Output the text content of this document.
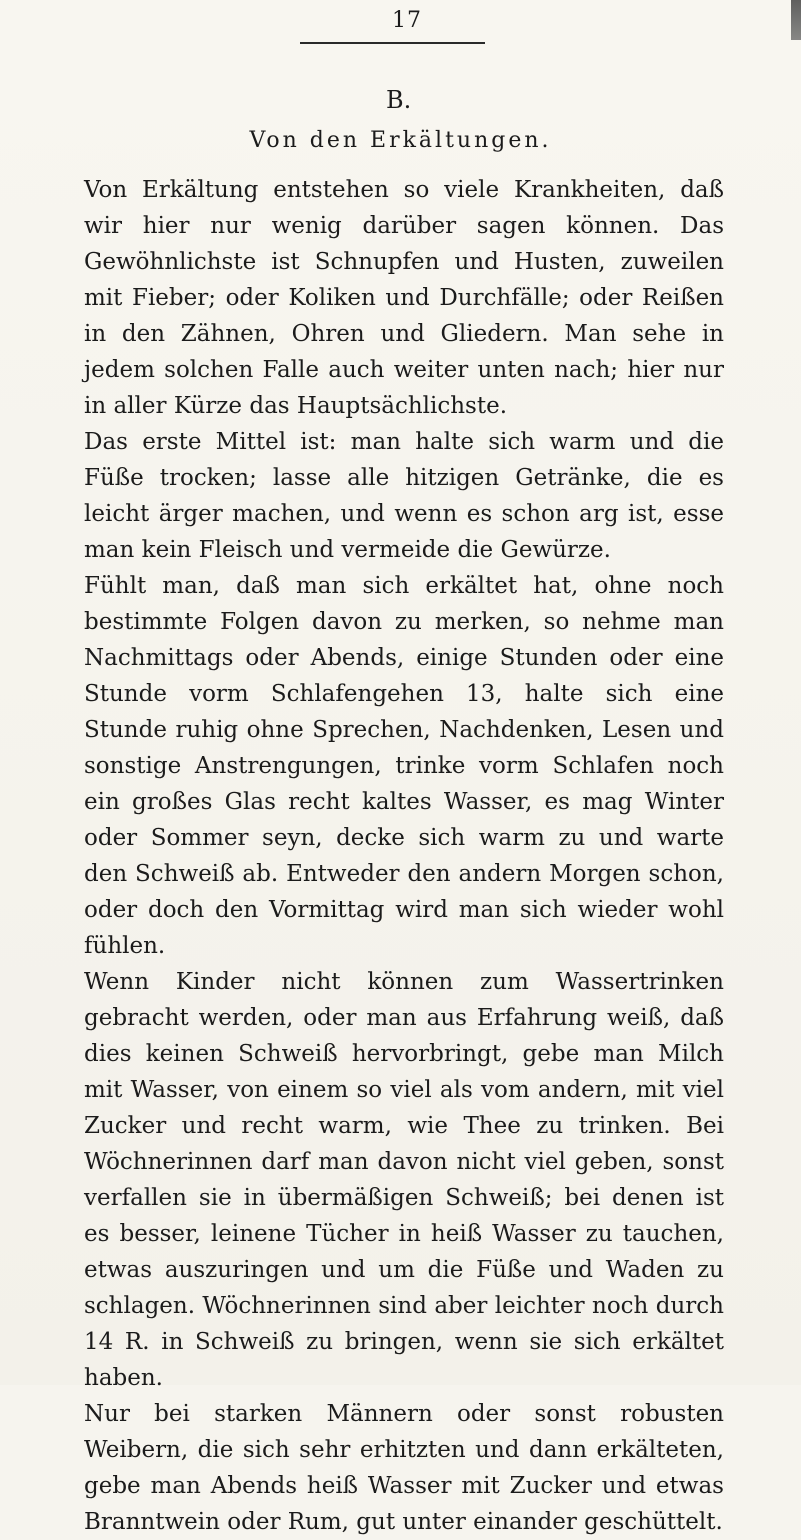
17
B.
Von den Erkältungen.

Von Erkältung entstehen so viele Krankheiten, daß wir hier nur wenig darüber sagen können. Das Gewöhnlichste ist Schnupfen und Husten, zuweilen mit Fieber; oder Koliken und Durchfälle; oder Reißen in den Zähnen, Ohren und Gliedern. Man sehe in jedem solchen Falle auch weiter unten nach; hier nur in aller Kürze das Hauptsächlichste.

Das erste Mittel ist: man halte sich warm und die Füße trocken; lasse alle hitzigen Getränke, die es leicht ärger machen, und wenn es schon arg ist, esse man kein Fleisch und vermeide die Gewürze.

Fühlt man, daß man sich erkältet hat, ohne noch bestimmte Folgen davon zu merken, so nehme man Nachmittags oder Abends, einige Stunden oder eine Stunde vorm Schlafengehen 13, halte sich eine Stunde ruhig ohne Sprechen, Nachdenken, Lesen und sonstige Anstrengungen, trinke vorm Schlafen noch ein großes Glas recht kaltes Wasser, es mag Winter oder Sommer seyn, decke sich warm zu und warte den Schweiß ab. Entweder den andern Morgen schon, oder doch den Vormittag wird man sich wieder wohl fühlen.

Wenn Kinder nicht können zum Wassertrinken gebracht werden, oder man aus Erfahrung weiß, daß dies keinen Schweiß hervorbringt, gebe man Milch mit Wasser, von einem so viel als vom andern, mit viel Zucker und recht warm, wie Thee zu trinken. Bei Wöchnerinnen darf man davon nicht viel geben, sonst verfallen sie in übermäßigen Schweiß; bei denen ist es besser, leinene Tücher in heiß Wasser zu tauchen, etwas auszuringen und um die Füße und Waden zu schlagen. Wöchnerinnen sind aber leichter noch durch 14 R. in Schweiß zu bringen, wenn sie sich erkältet haben.

Nur bei starken Männern oder sonst robusten Weibern, die sich sehr erhitzten und dann erkälteten, gebe man Abends heiß Wasser mit Zucker und etwas Branntwein oder Rum, gut unter einander geschüttelt.
